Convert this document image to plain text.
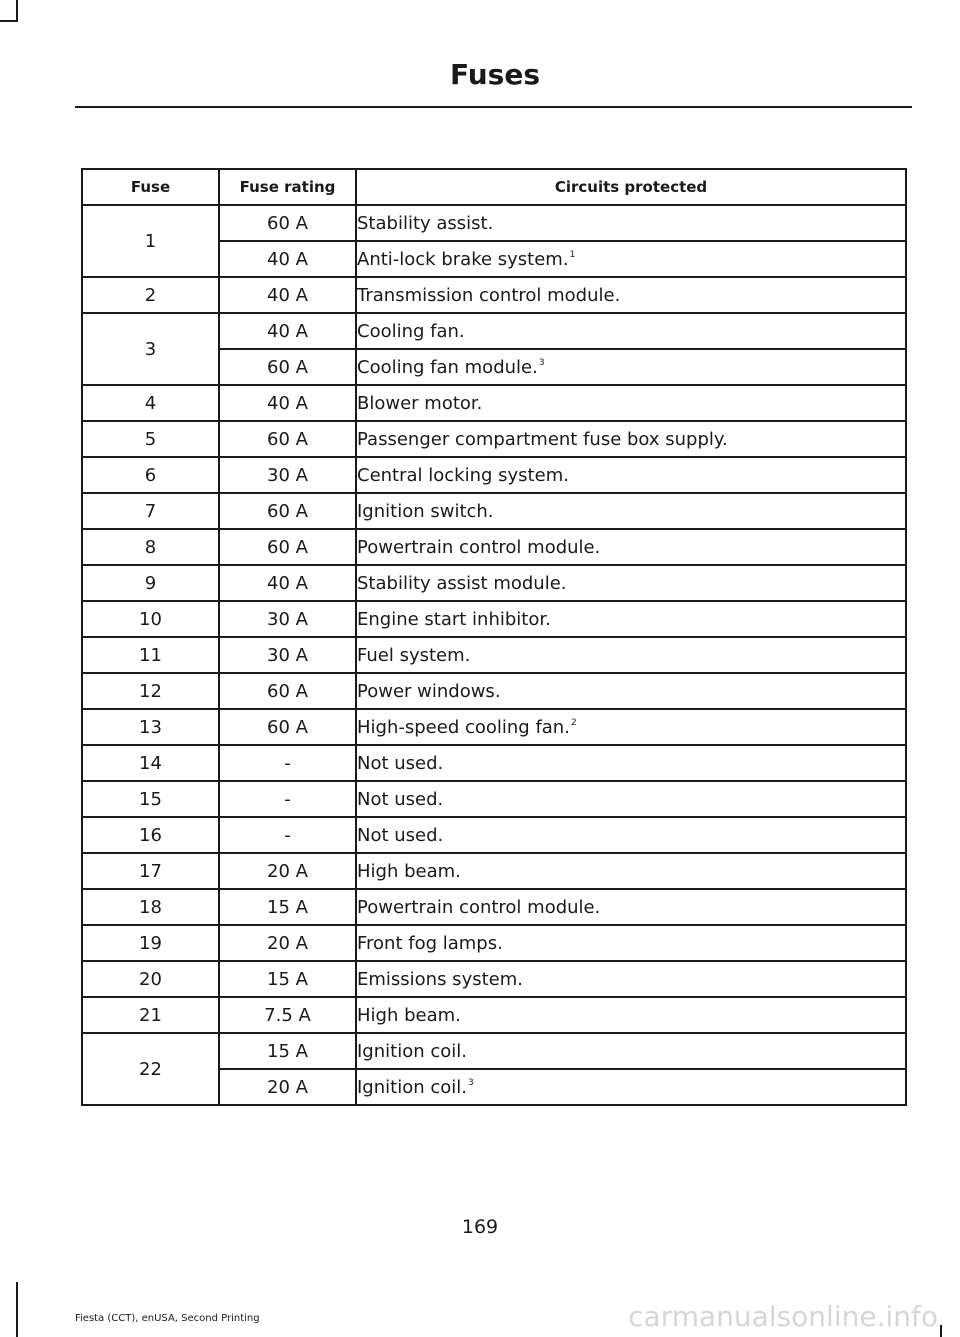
Fuses
Fuse	Fuse rating	Circuits protected
1	60 A	Stability assist.
	40 A	Anti-lock brake system.$^1$
2	40 A	Transmission control module.
3	40 A	Cooling fan.
	60 A	Cooling fan module.$^3$
4	40 A	Blower motor.
5	60 A	Passenger compartment fuse box supply.
6	30 A	Central locking system.
7	60 A	Ignition switch.
8	60 A	Powertrain control module.
9	40 A	Stability assist module.
10	30 A	Engine start inhibitor.
11	30 A	Fuel system.
12	60 A	Power windows.
13	60 A	High-speed cooling fan.$^2$
14	-	Not used.
15	-	Not used.
16	-	Not used.
17	20 A	High beam.
18	15 A	Powertrain control module.
19	20 A	Front fog lamps.
20	15 A	Emissions system.
21	7.5 A	High beam.
22	15 A	Ignition coil.
	20 A	Ignition coil.$^3$
169
Fiesta (CCT), enUSA, Second Printing	carmanualsonline.info
